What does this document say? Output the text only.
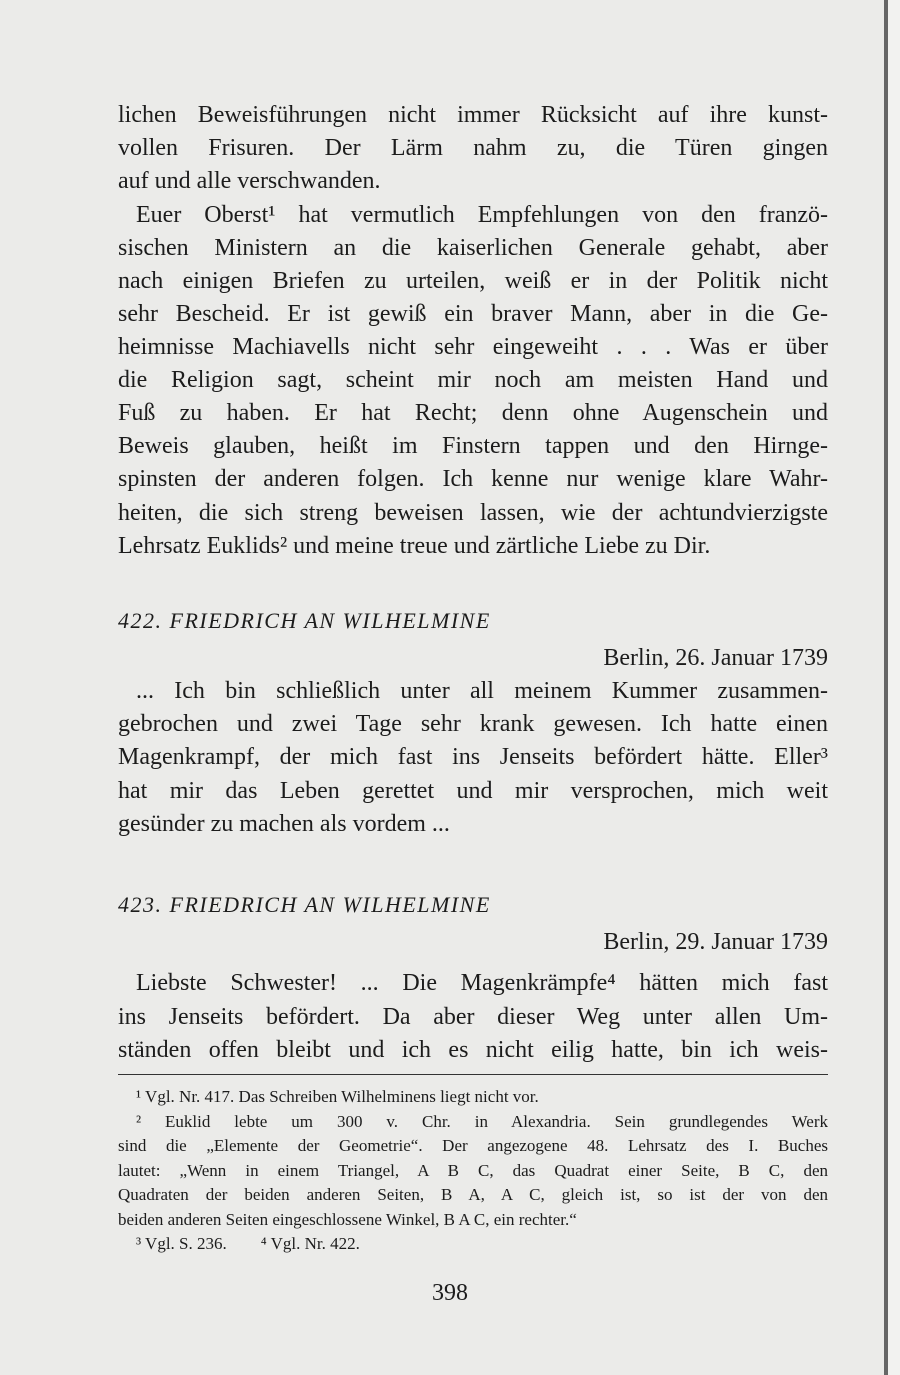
lichen Beweisführungen nicht immer Rücksicht auf ihre kunst-
vollen Frisuren. Der Lärm nahm zu, die Türen gingen
auf und alle verschwanden.
Euer Oberst¹ hat vermutlich Empfehlungen von den franzö-
sischen Ministern an die kaiserlichen Generale gehabt, aber
nach einigen Briefen zu urteilen, weiß er in der Politik nicht
sehr Bescheid. Er ist gewiß ein braver Mann, aber in die Ge-
heimnisse Machiavells nicht sehr eingeweiht . . . Was er über
die Religion sagt, scheint mir noch am meisten Hand und
Fuß zu haben. Er hat Recht; denn ohne Augenschein und
Beweis glauben, heißt im Finstern tappen und den Hirnge-
spinsten der anderen folgen. Ich kenne nur wenige klare Wahr-
heiten, die sich streng beweisen lassen, wie der achtundvierzigste
Lehrsatz Euklids² und meine treue und zärtliche Liebe zu Dir.
422. FRIEDRICH AN WILHELMINE
Berlin, 26. Januar 1739
... Ich bin schließlich unter all meinem Kummer zusammen-
gebrochen und zwei Tage sehr krank gewesen. Ich hatte einen
Magenkrampf, der mich fast ins Jenseits befördert hätte. Eller³
hat mir das Leben gerettet und mir versprochen, mich weit
gesünder zu machen als vordem ...
423. FRIEDRICH AN WILHELMINE
Berlin, 29. Januar 1739
Liebste Schwester! ... Die Magenkrämpfe⁴ hätten mich fast
ins Jenseits befördert. Da aber dieser Weg unter allen Um-
ständen offen bleibt und ich es nicht eilig hatte, bin ich weis-
¹ Vgl. Nr. 417. Das Schreiben Wilhelminens liegt nicht vor.
² Euklid lebte um 300 v. Chr. in Alexandria. Sein grundlegendes Werk
sind die „Elemente der Geometrie“. Der angezogene 48. Lehrsatz des I. Buches
lautet: „Wenn in einem Triangel, A B C, das Quadrat einer Seite, B C, den
Quadraten der beiden anderen Seiten, B A, A C, gleich ist, so ist der von den
beiden anderen Seiten eingeschlossene Winkel, B A C, ein rechter.“
³ Vgl. S. 236.        ⁴ Vgl. Nr. 422.
398
